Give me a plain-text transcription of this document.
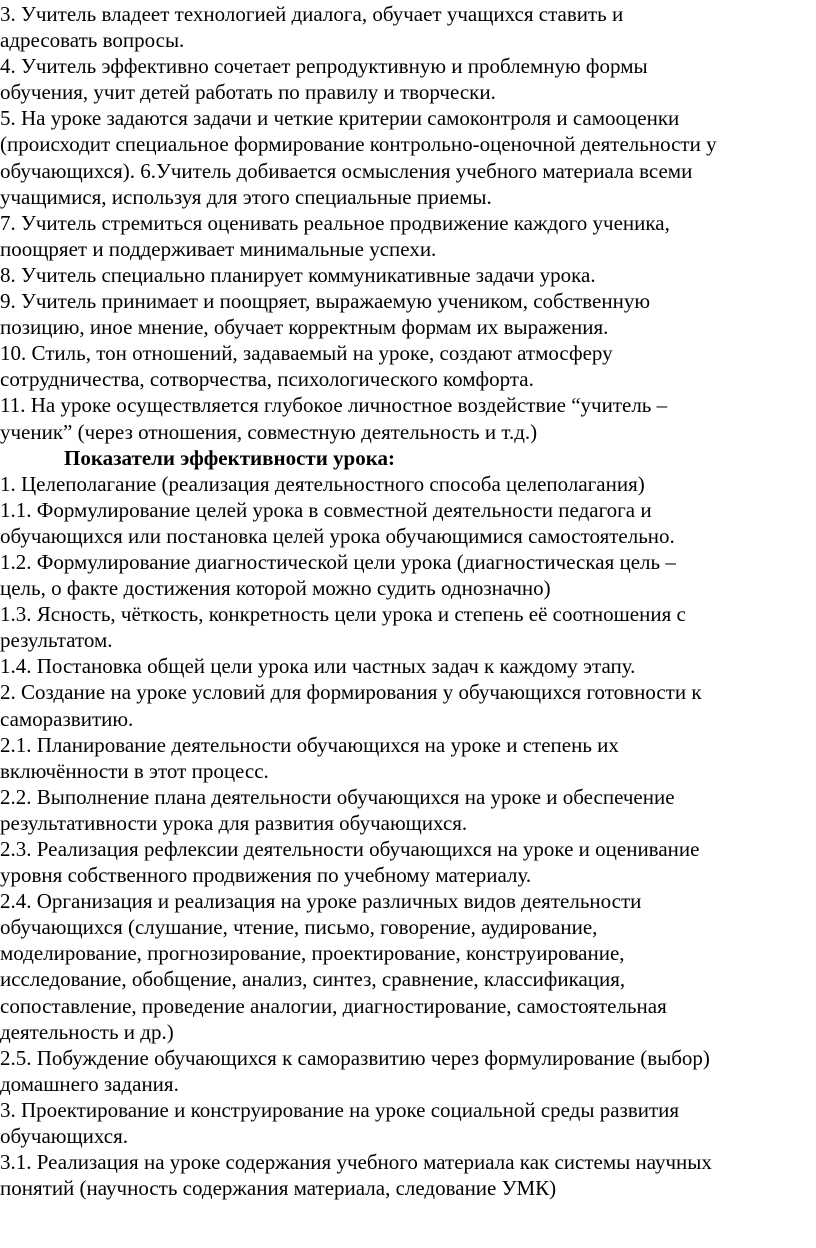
3. Учитель владеет технологией диалога, обучает учащихся ставить и
адресовать вопросы.
4. Учитель эффективно сочетает репродуктивную и проблемную формы
обучения, учит детей работать по правилу и творчески.
5. На уроке задаются задачи и четкие критерии самоконтроля и самооценки
(происходит специальное формирование контрольно-оценочной деятельности у
обучающихся). 6.Учитель добивается осмысления учебного материала всеми
учащимися, используя для этого специальные приемы.
7. Учитель стремиться оценивать реальное продвижение каждого ученика,
поощряет и поддерживает минимальные успехи.
8. Учитель специально планирует коммуникативные задачи урока.
9. Учитель принимает и поощряет, выражаемую учеником, собственную
позицию, иное мнение, обучает корректным формам их выражения.
10. Стиль, тон отношений, задаваемый на уроке, создают атмосферу
сотрудничества, сотворчества, психологического комфорта.
11. На уроке осуществляется глубокое личностное воздействие “учитель –
ученик” (через отношения, совместную деятельность и т.д.)
Показатели эффективности урока:
1. Целеполагание (реализация деятельностного способа целеполагания)
1.1. Формулирование целей урока в совместной деятельности педагога и
обучающихся или постановка целей урока обучающимися самостоятельно.
1.2. Формулирование диагностической цели урока (диагностическая цель –
цель, о факте достижения которой можно судить однозначно)
1.3. Ясность, чёткость, конкретность цели урока и степень её соотношения с
результатом.
1.4. Постановка общей цели урока или частных задач к каждому этапу.
2. Создание на уроке условий для формирования у обучающихся готовности к
саморазвитию.
2.1. Планирование деятельности обучающихся на уроке и степень их
включённости в этот процесс.
2.2. Выполнение плана деятельности обучающихся на уроке и обеспечение
результативности урока для развития обучающихся.
2.3. Реализация рефлексии деятельности обучающихся на уроке и оценивание
уровня собственного продвижения по учебному материалу.
2.4. Организация и реализация на уроке различных видов деятельности
обучающихся (слушание, чтение, письмо, говорение, аудирование,
моделирование, прогнозирование, проектирование, конструирование,
исследование, обобщение, анализ, синтез, сравнение, классификация,
сопоставление, проведение аналогии, диагностирование, самостоятельная
деятельность и др.)
2.5. Побуждение обучающихся к саморазвитию через формулирование (выбор)
домашнего задания.
3. Проектирование и конструирование на уроке социальной среды развития
обучающихся.
3.1. Реализация на уроке содержания учебного материала как системы научных
понятий (научность содержания материала, следование УМК)
